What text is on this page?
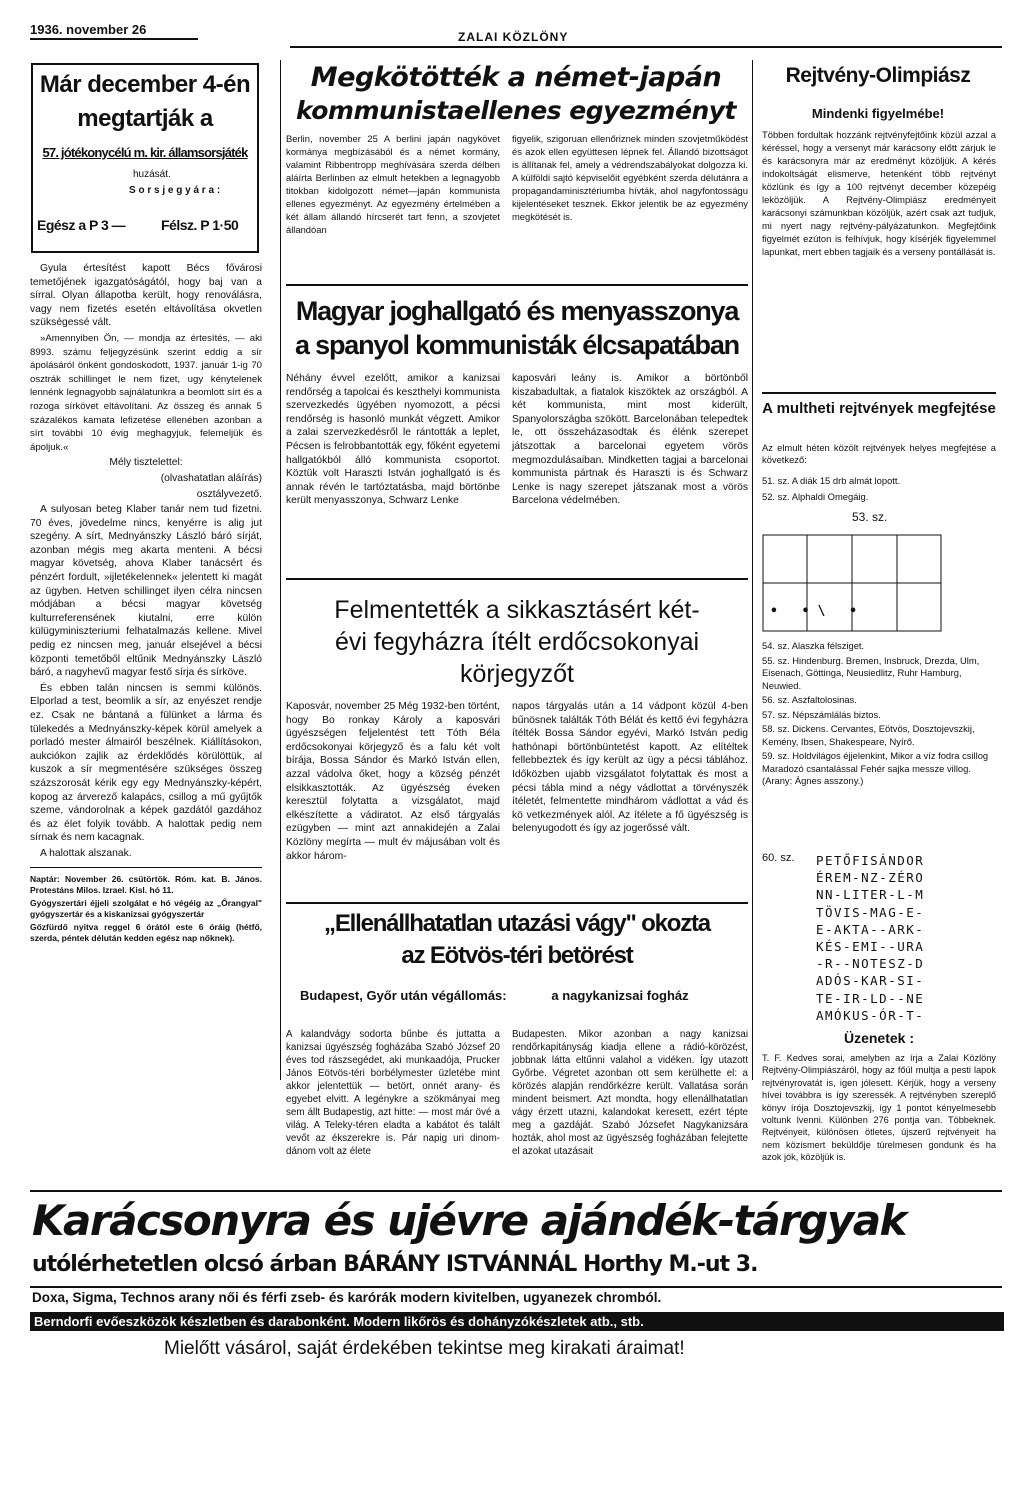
1936. november 26	ZALAI KÖZLÖNY
Már december 4-én
megtartják a
57. jótékonycélú m. kir. államsorsjáték
huzását.
S o r s j e g y á r a :
Egész a P 3 —	Félsz. P 1·50

Gyula értesítést kapott Bécs fővárosi temetőjének igazgatóságától, hogy baj van a sírral. Olyan állapotba került, hogy renoválásra, vagy nem fizetés esetén eltávolítása okvetlen szükségessé vált.

»Amennyiben Ön, — mondja az értesítés, — aki 8993. számu feljegyzésünk szerint eddig a sír ápolásáról önként gondoskodott, 1937. január 1-ig 70 osztrák schillinget le nem fizet, ugy kénytelenek lennénk legnagyobb sajnálatunkra a beomlott sírt és a rozoga sírkövet eltávolítani. Az összeg és annak 5 százalékos kamata lefizetése ellenében azonban a sírt további 10 évig meghagyjuk, felemeljük és ápoljuk.«

Mély tisztelettel:

(olvashatatlan aláírás)

osztályvezető.

A sulyosan beteg Klaber tanár nem tud fizetni. 70 éves, jövedelme nincs, kenyérre is alig jut szegény. A sírt, Mednyánszky László báró sírját, azonban mégis meg akarta menteni. A bécsi magyar követség, ahova Klaber tanácsért és pénzért fordult, »ijletékelennek« jelentett ki magát az ügyben. Hetven schillinget ilyen célra nincsen módjában a bécsi magyar követség kulturreferensének kiutalni, erre külön külügyminiszteriumi felhatalmazás kellene. Mivel pedig ez nincsen meg, január elsejével a bécsi központi temetőből eltűnik Mednyánszky László báró, a nagyhevű magyar festő sírja és sírköve.

És ebben talán nincsen is semmi különös. Elporlad a test, beomlik a sír, az enyészet rendje ez. Csak ne bántaná a fülünket a lárma és tülekedés a Mednyánszky-képek körül amelyek a porladó mester álmairól beszélnek. Kiállításokon, aukciókon zajlik az érdeklődés körülöttük, al kuszok a sír megmentésére szükséges összeg százszorosát kérik egy egy Mednyánszky-képért, kopog az árverező kalapács, csillog a mű gyűjtők szeme, vándorolnak a képek gazdától gazdához és az élet folyik tovább. A halottak pedig nem sírnak és nem kacagnak.

A halottak alszanak.

Naptár: November 26. csütörtök. Róm. kat. B. János. Protestáns Milos. Izrael. Kisl. hó 11.

Gyógyszertári éjjeli szolgálat e hó végéig az „Őrangyal" gyógyszertár és a kiskanizsai gyógyszertár

Gőzfürdő nyitva reggel 6 órától este 6 óráig (hétfő, szerda, péntek délután kedden egész nap nőknek).

Megkötötték a német-japán
kommunistaellenes egyezményt
Berlin, november 25 A berlini japán nagykövet kormánya megbízásából és a német kormány, valamint Ribbentropp meghívására szerda délben aláírta Berlinben az elmult hetekben a legnagyobb titokban kidolgozott német—japán kommunista ellenes egyezményt. Az egyezmény értelmében a két állam állandó hírcserét tart fenn, a szovjetet állandóan
figyelik, szigoruan ellenőriznek minden szovjetműködést és azok ellen együttesen lépnek fel. Állandó bizottságot is állítanak fel, amely a védrendszabályokat dolgozza ki. A külföldi sajtó képviselőit egyébként szerda délutánra a propagandaminisztériumba hívták, ahol nagyfontosságu kijelentéseket tesznek. Ekkor jelentik be az egyezmény megkötését is.
Magyar joghallgató és menyasszonya
a spanyol kommunisták élcsapatában
Néhány évvel ezelőtt, amikor a kanizsai rendőrség a tapolcai és keszthelyi kommunista szervezkedés ügyében nyomozott, a pécsi rendőrség is hasonló munkát végzett. Amikor a zalai szervezkedésről le rántották a leplet, Pécsen is felrobbantották egy, főként egyetemi hallgatókból álló kommunista csoportot. Köztük volt Haraszti István joghallgató is és annak révén le tartóztatásba, majd börtönbe került menyasszonya, Schwarz Lenke
kaposvári leány is. Amikor a börtönből kiszabadultak, a fiatalok kiszöktek az országból. A két kommunista, mint most kiderült, Spanyolországba szökött. Barcelonában telepedtek le, ott összeházasodtak és élénk szerepet játszottak a barcelonai egyetem vörös megmozdulásaiban. Mindketten tagjai a barcelonai kommunista pártnak és Haraszti is és Schwarz Lenke is nagy szerepet játszanak most a vörös Barcelona védelmében.
Felmentették a sikkasztásért két-
évi fegyházra ítélt erdőcsokonyai
körjegyzőt
Kaposvár, november 25 Még 1932-ben történt, hogy Bo ronkay Károly a kaposvári ügyészségen feljelentést tett Tóth Béla erdőcsokonyai körjegyző és a falu két volt bírája, Bossa Sándor és Markó István ellen, azzal vádolva őket, hogy a község pénzét elsikkasztották. Az ügyészség éveken keresztül folytatta a vizsgálatot, majd elkészítette a vádiratot. Az első tárgyalás ezügyben — mint azt annakidején a Zalai Közlöny megírta — mult év májusában volt és akkor három-
napos tárgyalás után a 14 vádpont közül 4-ben bűnösnek találták Tóth Bélát és kettő évi fegyházra ítélték Bossa Sándor egyévi, Markó István pedig hathónapi börtönbüntetést kapott. Az elítéltek fellebbeztek és így került az ügy a pécsi táblához. Időközben ujabb vizsgálatot folytattak és most a pécsi tábla mind a négy vádlottat a törvényszék ítéletét, felmentette mindhárom vádlottat a vád és kö vetkezmények alól. Az ítélete a fő ügyészség is belenyugodott és így az jogerőssé vált.
„Ellenállhatatlan utazási vágy" okozta
az Eötvös-téri betörést
Budapest, Győr után végállomás:	a nagykanizsai fogház
A kalandvágy sodorta bűnbe és juttatta a kanizsai ügyészség fogházába Szabó József 20 éves tod rászsegédet, aki munkaadója, Prucker János Eötvös-téri borbélymester üzletébe mint akkor jelentettük — betört, onnét arany- és egyebet elvitt. A legénykre a szökmányai meg sem állt Budapestig, azt hitte: — most már övé a világ. A Teleky-téren eladta a kabátot és talált vevőt az ékszerekre is. Pár napig uri dinom-dánom volt az élete
Budapesten. Mikor azonban a nagy kanizsai rendőrkapitányság kiadja ellene a rádió-körözést, jobbnak látta eltűnni valahol a vidéken. Így utazott Győrbe. Végretet azonban ott sem kerülhette el: a körözés alapján rendőrkézre került. Vallatása során mindent beismert. Azt mondta, hogy ellenállhatatlan vágy érzett utazni, kalandokat keresett, ezért tépte meg a gazdáját. Szabó Józsefet Nagykanizsára hozták, ahol most az ügyészség fogházában felejtette el azokat utazásait
Rejtvény-Olimpiász
Mindenki figyelmébe!
Többen fordultak hozzánk rejtvényfejtőink közül azzal a kéréssel, hogy a versenyt már karácsony előtt zárjuk le és karácsonyra már az eredményt közöljük. A kérés indokoltságát elismerve, hetenként több rejtvényt közlünk és így a 100 rejtvényt december közepéig leközöljük. A Rejtvény-Olimpiász eredményeit karácsonyi számunkban közöljük, azért csak azt tudjuk, mi nyert nagy rejtvény-pályázatunkon. Megfejtőink figyelmét ezúton is felhívjuk, hogy kísérjék figyelemmel lapunkat, mert ebben tagjaik és a verseny pontállását is.
A multheti rejtvények megfejtése
Az elmult héten közölt rejtvények helyes megfejtése a következő:
51. sz. A diák 15 drb almát lopott.
52. sz. Alphaldi Omegáig.
53. sz.
• •\ •

54. sz. Alaszka félsziget.

55. sz. Hindenburg. Bremen, Insbruck, Drezda, Ulm, Eisenach, Göttinga, Neusiedlitz, Ruhr Hamburg, Neuwied.

56. sz. Aszfaltolosinas.

57. sz. Népszámlálás biztos.

58. sz. Dickens. Cervantes, Eötvös, Dosztojevszkij, Kemény, Ibsen, Shakespeare, Nyírő.

59. sz. Holdvilágos éjjelenkint, Mikor a víz fodra csillog Maradozó csantalással Fehér sajka messze villog. (Arany: Ágnes asszony.)

60. sz. PETŐFISÁNDOR
ÉREM-NZ-ZÉRO
NN-LITER-L-M
TÖVIS-MAG-E-
E-AKTA--ARK-
KÉS-EMI--URA
-R--NOTESZ-D
ADÓS-KAR-SI-
TE-IR-LD--NE
AMÓKUS-ÓR-T-
Üzenetek :
T. F. Kedves sorai, amelyben az írja a Zalai Közlöny Rejtvény-Olimpiászáról, hogy az főúl multja a pesti lapok rejtvényrovatát is, igen jólesett. Kérjük, hogy a verseny hívei továbbra is így szeressék. A rejtvényben szereplő könyv írója Dosztojevszkij, így 1 pontot kényelmesebb voltunk lvenni. Különben 276 pontja van. Többeknek. Rejtvényeit, különösen ötletes, újszerű rejtvényeit ha nem közismert beküldője türelmesen gondunk és ha azok jók, közöljük is.
Karácsonyra és ujévre ajándék-tárgyak
utólérhetetlen olcsó árban BÁRÁNY ISTVÁNNÁL Horthy M.-ut 3.
Doxa, Sigma, Technos arany női és férfi zseb- és karórák modern kivitelben, ugyanezek chromból.
Berndorfi evőeszközök készletben és darabonként. Modern likőrös és dohányzókészletek atb., stb.
Mielőtt vásárol, saját érdekében tekintse meg kirakati áraimat!
